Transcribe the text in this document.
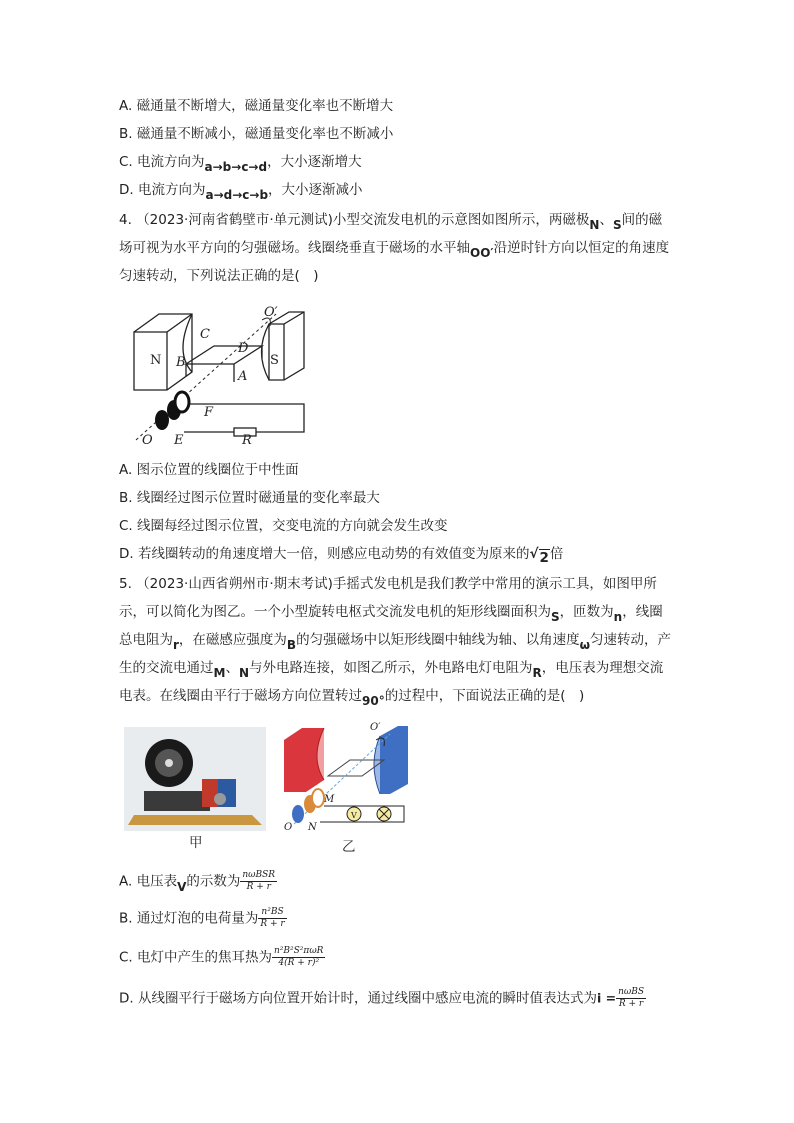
A. 磁通量不断增大，磁通量变化率也不断增大
B. 磁通量不断减小，磁通量变化率也不断减小
C. 电流方向为a→b→c→d，大小逐渐增大
D. 电流方向为a→d→c→b，大小逐渐减小
4. （2023·河南省鹤壁市·单元测试)小型交流发电机的示意图如图所示，两磁极N、S间的磁场可视为水平方向的匀强磁场。线圈绕垂直于磁场的水平轴OO′沿逆时针方向以恒定的角速度匀速转动，下列说法正确的是(　)
O′
C
D
N B	S
A
F
O E	R
A. 图示位置的线圈位于中性面
B. 线圈经过图示位置时磁通量的变化率最大
C. 线圈每经过图示位置，交变电流的方向就会发生改变
D. 若线圈转动的角速度增大一倍，则感应电动势的有效值变为原来的√2倍
5. （2023·山西省朔州市·期末考试)手摇式发电机是我们教学中常用的演示工具，如图甲所示，可以简化为图乙。一个小型旋转电枢式交流发电机的矩形线圈面积为S，匝数为n，线圈总电阻为r，在磁感应强度为B的匀强磁场中以矩形线圈中轴线为轴、以角速度ω匀速转动，产生的交流电通过M、N与外电路连接，如图乙所示，外电路电灯电阻为R，电压表为理想交流电表。在线圈由平行于磁场方向位置转过90°的过程中，下面说法正确的是(　)
甲
O′
M
N
O
V
乙
A. 电压表V的示数为 $\frac{\text{nωBSR}}{R + r}$
B. 通过灯泡的电荷量为 $\frac{\text{n²BS}}{R + r}$
C. 电灯中产生的焦耳热为 $\frac{\text{n²B²S²πωR}}{\text{4(R + r)²}}$
D. 从线圈平行于磁场方向位置开始计时，通过线圈中感应电流的瞬时值表达式为$i = \frac{\text{nωBS}}{R + r}$
